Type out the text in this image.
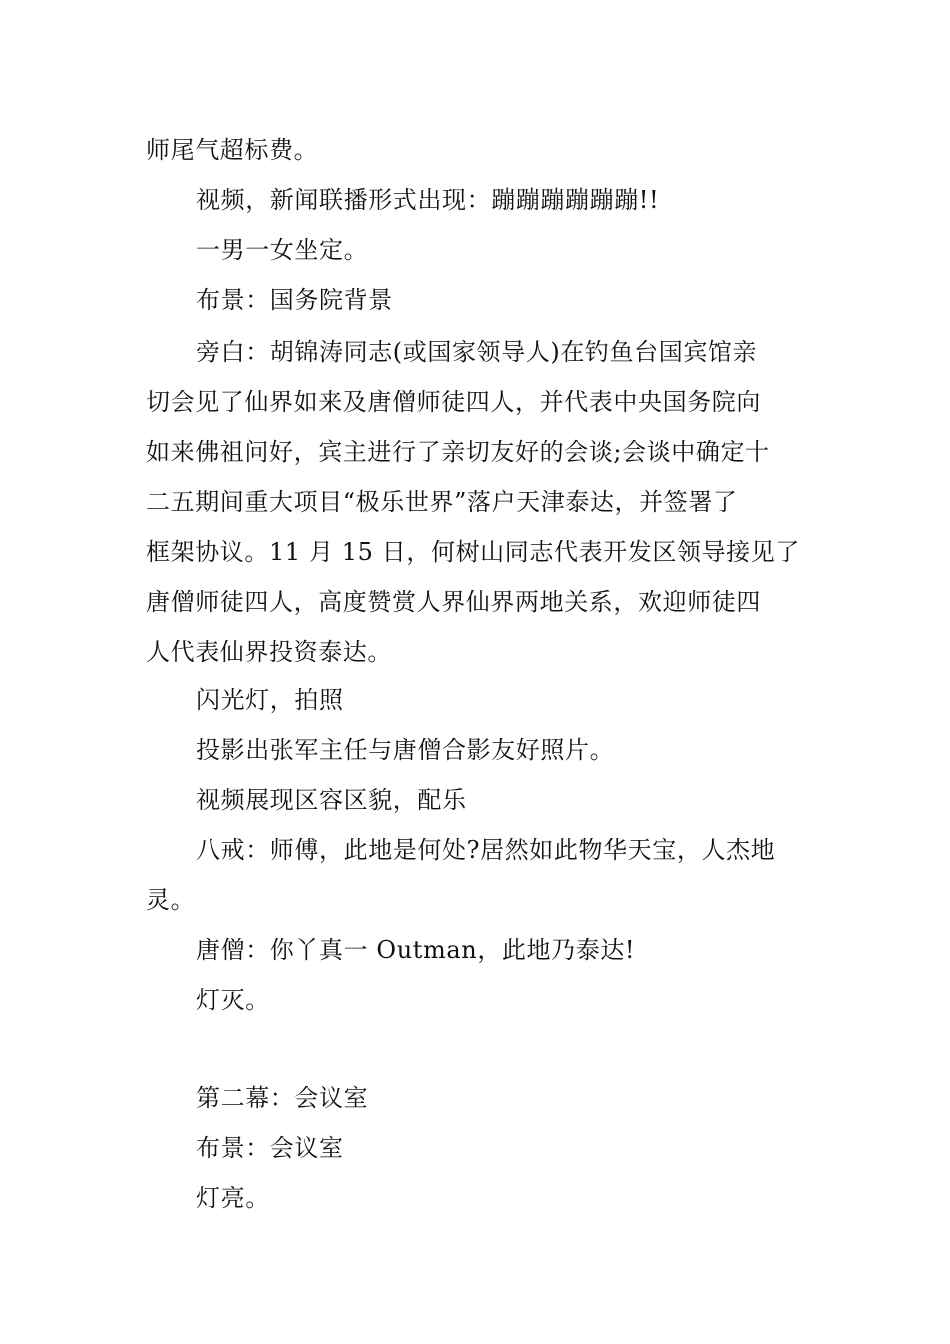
师尾气超标费。
视频，新闻联播形式出现：蹦蹦蹦蹦蹦蹦!!
一男一女坐定。
布景：国务院背景
旁白：胡锦涛同志(或国家领导人)在钓鱼台国宾馆亲
切会见了仙界如来及唐僧师徒四人，并代表中央国务院向
如来佛祖问好，宾主进行了亲切友好的会谈;会谈中确定十
二五期间重大项目“极乐世界”落户天津泰达，并签署了
框架协议。11 月 15 日，何树山同志代表开发区领导接见了
唐僧师徒四人，高度赞赏人界仙界两地关系，欢迎师徒四
人代表仙界投资泰达。
闪光灯，拍照
投影出张军主任与唐僧合影友好照片。
视频展现区容区貌，配乐
八戒：师傅，此地是何处?居然如此物华天宝，人杰地
灵。
唐僧：你丫真一 Outman，此地乃泰达!
灯灭。
第二幕：会议室
布景：会议室
灯亮。
